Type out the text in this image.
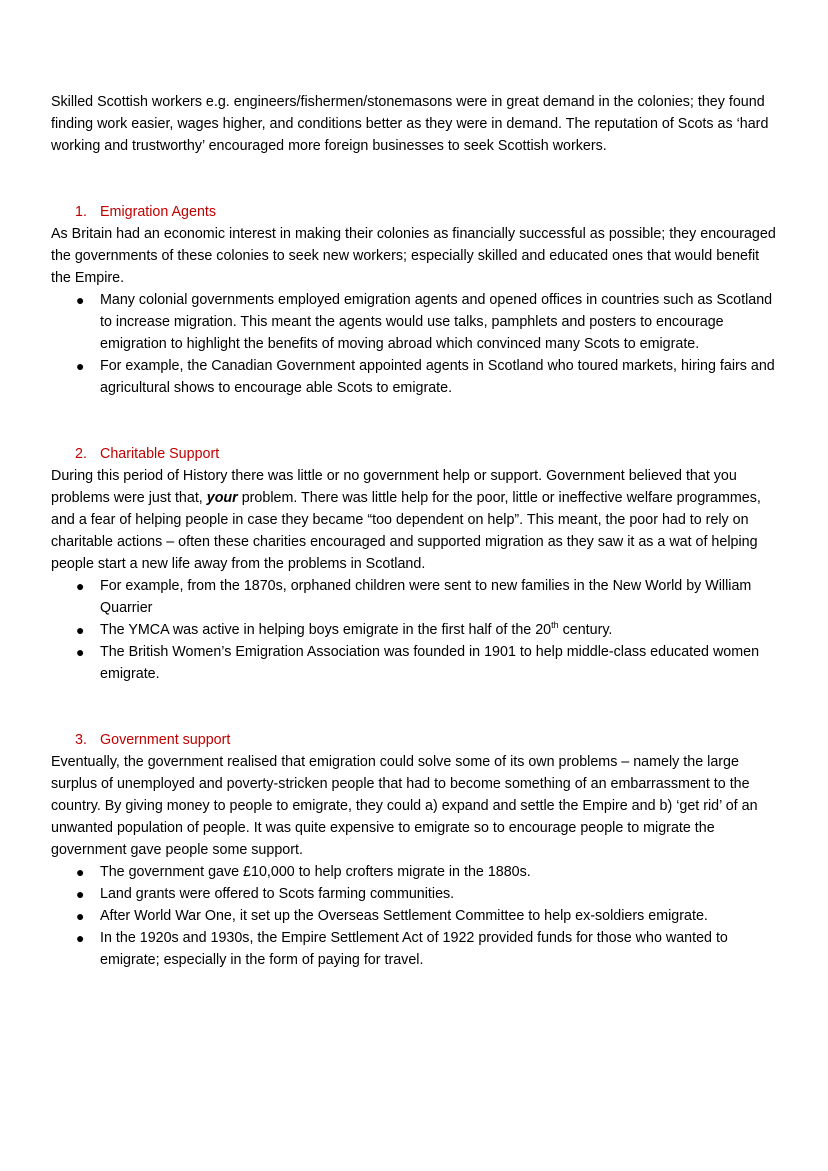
Skilled Scottish workers e.g. engineers/fishermen/stonemasons were in great demand in the colonies; they found finding work easier, wages higher, and conditions better as they were in demand. The reputation of Scots as ‘hard working and trustworthy’ encouraged more foreign businesses to seek Scottish workers.

1. Emigration Agents

As Britain had an economic interest in making their colonies as financially successful as possible; they encouraged the governments of these colonies to seek new workers; especially skilled and educated ones that would benefit the Empire.

●	Many colonial governments employed emigration agents and opened offices in countries such as Scotland to increase migration. This meant the agents would use talks, pamphlets and posters to encourage emigration to highlight the benefits of moving abroad which convinced many Scots to emigrate.
●	For example, the Canadian Government appointed agents in Scotland who toured markets, hiring fairs and agricultural shows to encourage able Scots to emigrate.
2. Charitable Support

During this period of History there was little or no government help or support. Government believed that you problems were just that, your problem. There was little help for the poor, little or ineffective welfare programmes, and a fear of helping people in case they became “too dependent on help”. This meant, the poor had to rely on charitable actions – often these charities encouraged and supported migration as they saw it as a wat of helping people start a new life away from the problems in Scotland.

●	For example, from the 1870s, orphaned children were sent to new families in the New World by William Quarrier
●	The YMCA was active in helping boys emigrate in the first half of the 20th century.
●	The British Women’s Emigration Association was founded in 1901 to help middle-class educated women emigrate.
3. Government support

Eventually, the government realised that emigration could solve some of its own problems – namely the large surplus of unemployed and poverty-stricken people that had to become something of an embarrassment to the country. By giving money to people to emigrate, they could a) expand and settle the Empire and b) ‘get rid’ of an unwanted population of people. It was quite expensive to emigrate so to encourage people to migrate the government gave people some support.

●	The government gave £10,000 to help crofters migrate in the 1880s.
●	Land grants were offered to Scots farming communities.
●	After World War One, it set up the Overseas Settlement Committee to help ex-soldiers emigrate.
●	In the 1920s and 1930s, the Empire Settlement Act of 1922 provided funds for those who wanted to emigrate; especially in the form of paying for travel.
